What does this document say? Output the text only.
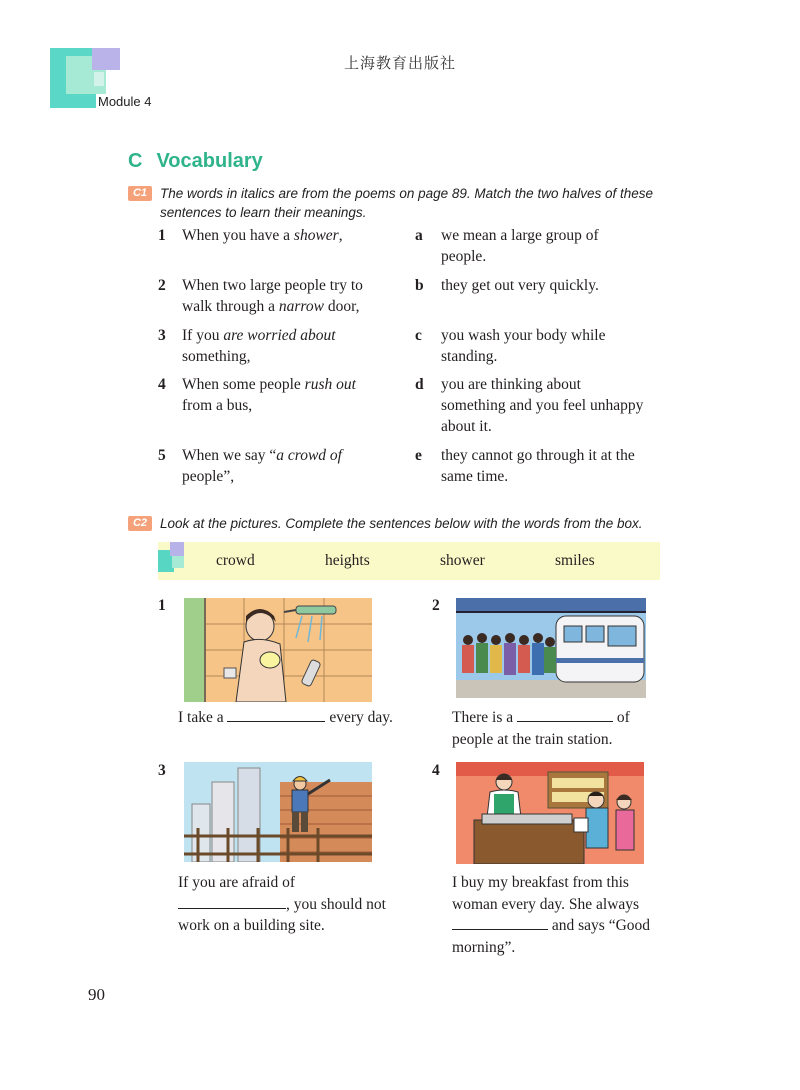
上海教育出版社
Module 4
C Vocabulary
C1 The words in italics are from the poems on page 89. Match the two halves of these
sentences to learn their meanings.
1 When you have a shower,	a we mean a large group of
people.
2 When two large people try to
walk through a narrow door,
b they get out very quickly.
3 If you are worried about
something,
c you wash your body while
standing.
4 When some people rush out
from a bus,
d you are thinking about
something and you feel unhappy
about it.
5 When we say “a crowd of
people”,
e they cannot go through it at the
same time.
C2 Look at the pictures. Complete the sentences below with the words from the box.
crowd	heights	shower	smiles
1
I take a	every day.
2
There is a	of
people at the train station.
3
If you are afraid of
, you should not
work on a building site.
4
I buy my breakfast from this
woman every day. She always
and says “Good
morning”.
90
